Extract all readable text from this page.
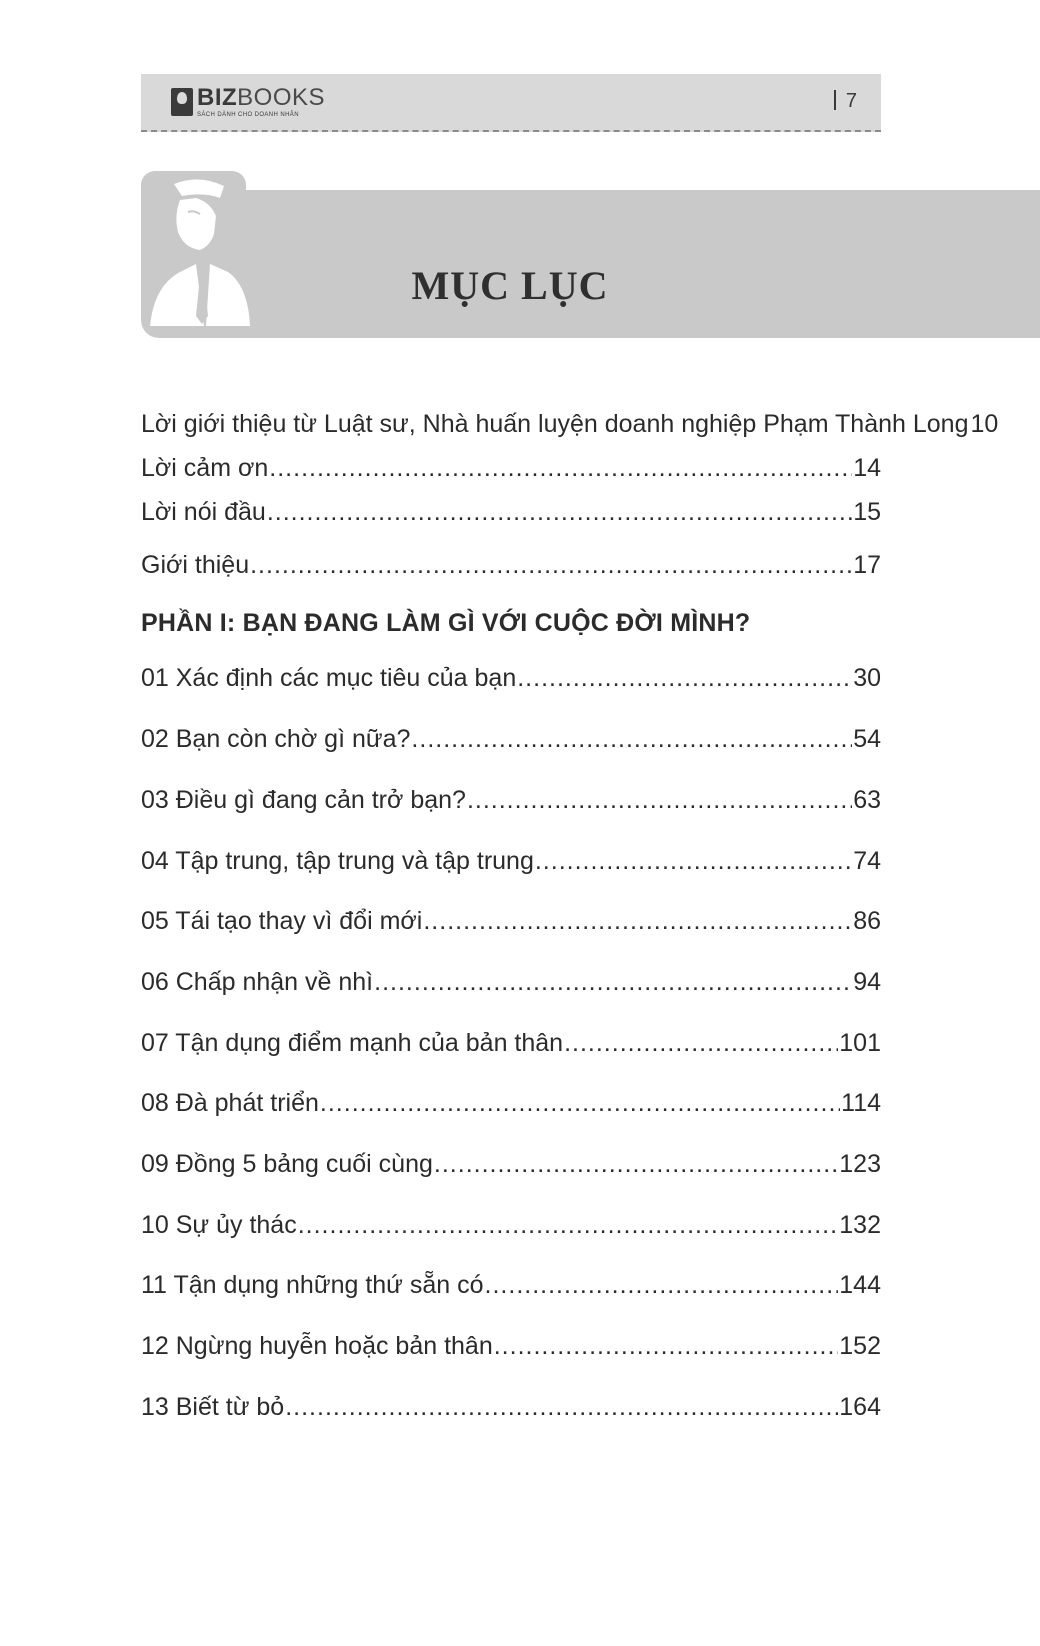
BIZBOOKS
SÁCH DÀNH CHO DOANH NHÂN
7
MỤC LỤC
Lời giới thiệu từ Luật sư, Nhà huấn luyện doanh nghiệp Phạm Thành Long 10
Lời cảm ơn .....	14
Lời nói đầu .....	15
Giới thiệu .....	17
PHẦN I: BẠN ĐANG LÀM GÌ VỚI CUỘC ĐỜI MÌNH?
01 Xác định các mục tiêu của bạn .....	30
02 Bạn còn chờ gì nữa? .....	54
03 Điều gì đang cản trở bạn? .....	63
04 Tập trung, tập trung và tập trung .....	74
05 Tái tạo thay vì đổi mới .....	86
06 Chấp nhận về nhì .....	94
07 Tận dụng điểm mạnh của bản thân .....	101
08 Đà phát triển .....	114
09 Đồng 5 bảng cuối cùng .....	123
10 Sự ủy thác .....	132
11 Tận dụng những thứ sẵn có .....	144
12 Ngừng huyễn hoặc bản thân .....	152
13 Biết từ bỏ .....	164
